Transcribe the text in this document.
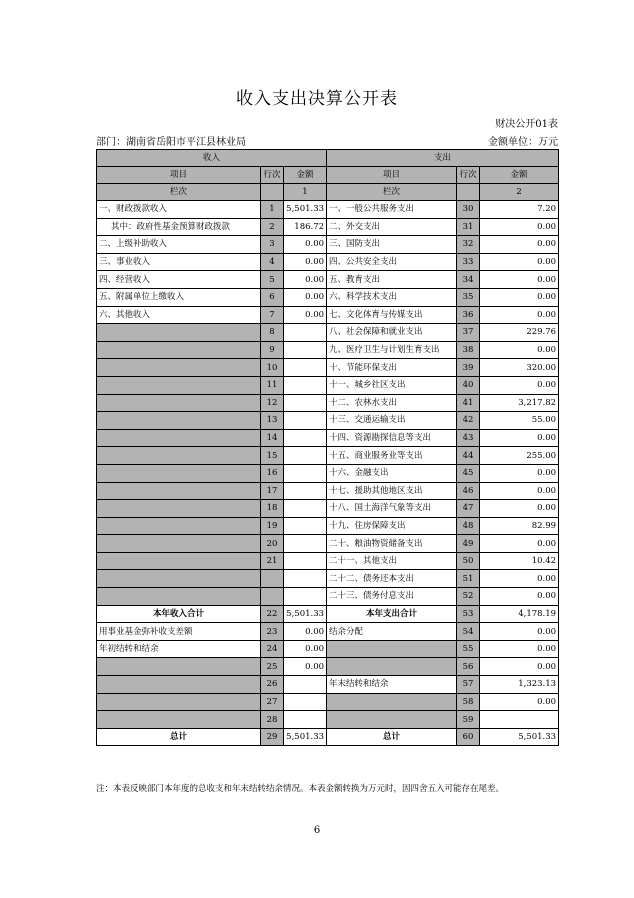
收入支出决算公开表
财决公开01表
部门：湖南省岳阳市平江县林业局	金额单位：万元
收入			支出		
项目	行次	金额	项目	行次	金额
栏次		1	栏次		2
一、财政拨款收入	1	5,501.33	一、一般公共服务支出	30	7.20
其中：政府性基金预算财政拨款	2	186.72	二、外交支出	31	0.00
二、上级补助收入	3	0.00	三、国防支出	32	0.00
三、事业收入	4	0.00	四、公共安全支出	33	0.00
四、经营收入	5	0.00	五、教育支出	34	0.00
五、附属单位上缴收入	6	0.00	六、科学技术支出	35	0.00
六、其他收入	7	0.00	七、文化体育与传媒支出	36	0.00
	8		八、社会保障和就业支出	37	229.76
	9		九、医疗卫生与计划生育支出	38	0.00
	10		十、节能环保支出	39	320.00
	11		十一、城乡社区支出	40	0.00
	12		十二、农林水支出	41	3,217.82
	13		十三、交通运输支出	42	55.00
	14		十四、资源勘探信息等支出	43	0.00
	15		十五、商业服务业等支出	44	255.00
	16		十六、金融支出	45	0.00
	17		十七、援助其他地区支出	46	0.00
	18		十八、国土海洋气象等支出	47	0.00
	19		十九、住房保障支出	48	82.99
	20		二十、粮油物资储备支出	49	0.00
	21		二十一、其他支出	50	10.42
			二十二、债务还本支出	51	0.00
			二十三、债务付息支出	52	0.00
本年收入合计	22	5,501.33	本年支出合计	53	4,178.19
用事业基金弥补收支差额	23	0.00	结余分配	54	0.00
年初结转和结余	24	0.00		55	0.00
	25	0.00		56	0.00
	26		年末结转和结余	57	1,323.13
	27			58	0.00
	28			59	
总计	29	5,501.33	总计	60	5,501.33
注：本表反映部门本年度的总收支和年末结转结余情况。本表金额转换为万元时，因四舍五入可能存在尾差。
6
